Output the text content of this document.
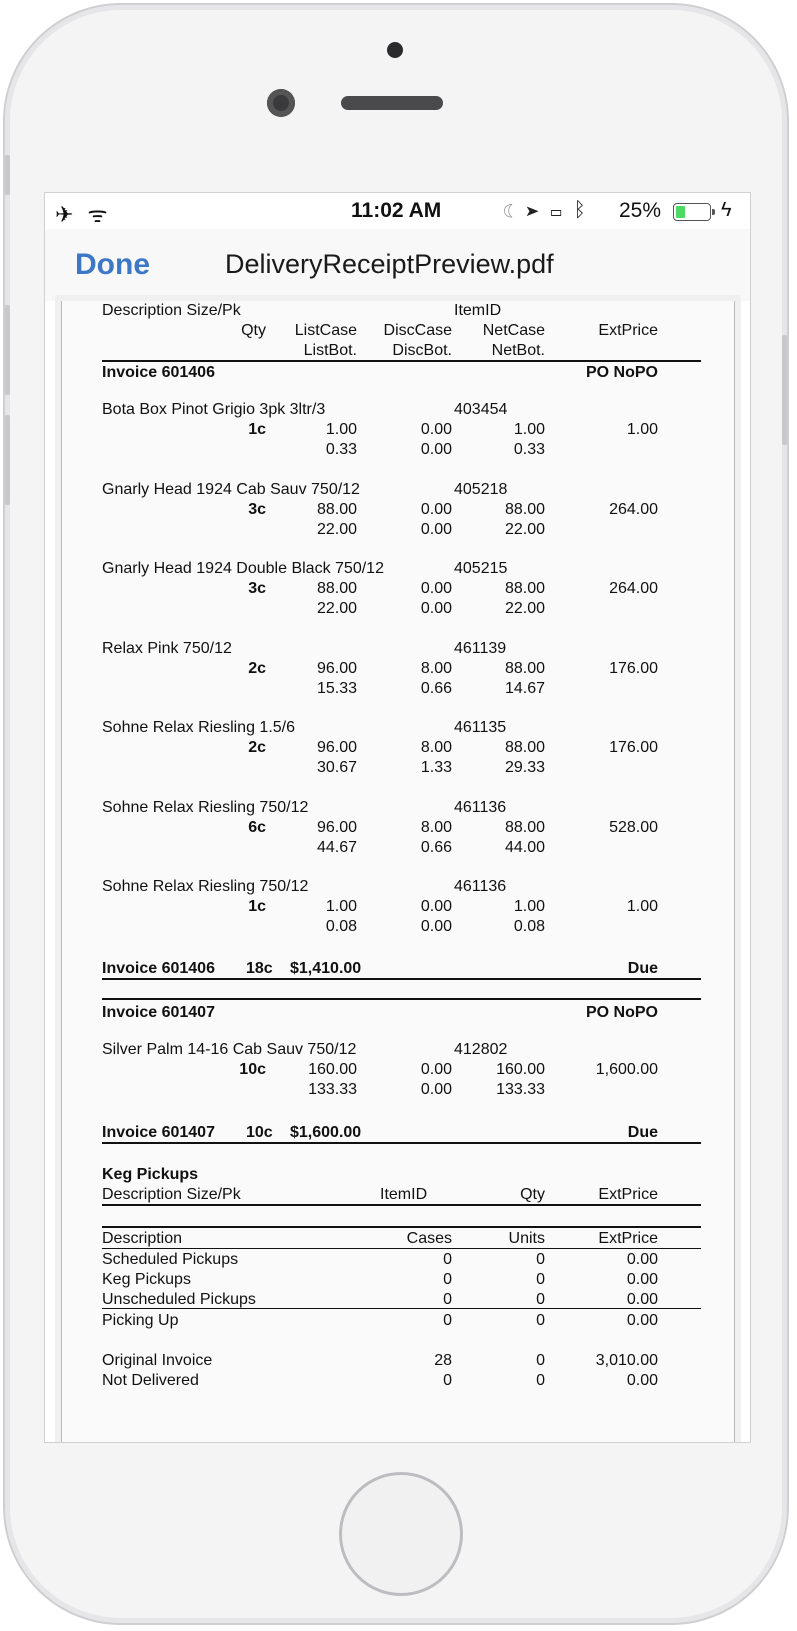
✈ ᯤ	11:02 AM	☾ ➤ ▭ ᛒ 25%	ϟ
Done	DeliveryReceiptPreview.pdf
Description Size/Pk	ItemID
Qty	ListCase	DiscCase	NetCase	ExtPrice
ListBot.	DiscBot.	NetBot.
Invoice 601406	PO NoPO
Invoice 601406 18c $1,410.00	Due
Invoice 601407	PO NoPO
Invoice 601407 10c $1,600.00	Due
Keg Pickups
Description Size/Pk	ItemID	Qty	ExtPrice
Description	Cases	Units	ExtPrice
Bota Box Pinot Grigio 3pk 3ltr/3	403454
1c	1.00	0.00	1.00	1.00
0.33	0.00	0.33
Gnarly Head 1924 Cab Sauv 750/12	405218
3c	88.00	0.00	88.00	264.00
22.00	0.00	22.00
Gnarly Head 1924 Double Black 750/12	405215
3c	88.00	0.00	88.00	264.00
22.00	0.00	22.00
Relax Pink 750/12	461139
2c	96.00	8.00	88.00	176.00
15.33	0.66	14.67
Sohne Relax Riesling 1.5/6	461135
2c	96.00	8.00	88.00	176.00
30.67	1.33	29.33
Sohne Relax Riesling 750/12	461136
6c	96.00	8.00	88.00	528.00
44.67	0.66	44.00
Sohne Relax Riesling 750/12	461136
1c	1.00	0.00	1.00	1.00
0.08	0.00	0.08
Silver Palm 14-16 Cab Sauv 750/12	412802
10c	160.00	0.00	160.00	1,600.00
133.33	0.00	133.33
Scheduled Pickups	0	0	0.00
Keg Pickups	0	0	0.00
Unscheduled Pickups	0	0	0.00
Picking Up	0	0	0.00
Original Invoice	28	0	3,010.00
Not Delivered	0	0	0.00
